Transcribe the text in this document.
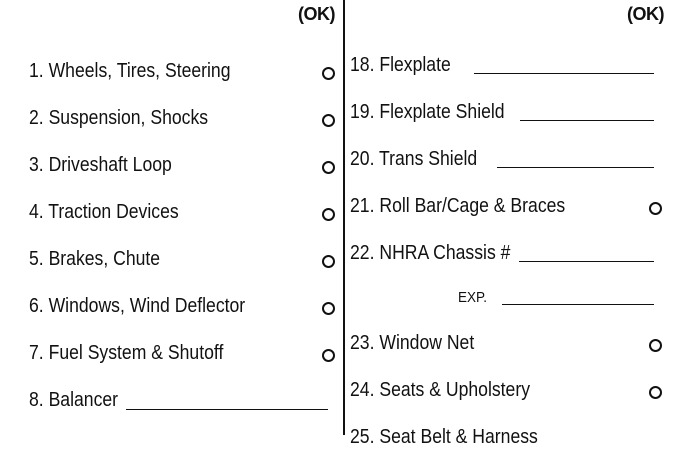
(OK)	(OK)
1. Wheels, Tires, Steering
2. Suspension, Shocks
3. Driveshaft Loop
4. Traction Devices
5. Brakes, Chute
6. Windows, Wind Deflector
7. Fuel System & Shutoff
8. Balancer
18. Flexplate
19. Flexplate Shield
20. Trans Shield
21. Roll Bar/Cage & Braces
22. NHRA Chassis #
EXP.
23. Window Net
24. Seats & Upholstery
25. Seat Belt & Harness
